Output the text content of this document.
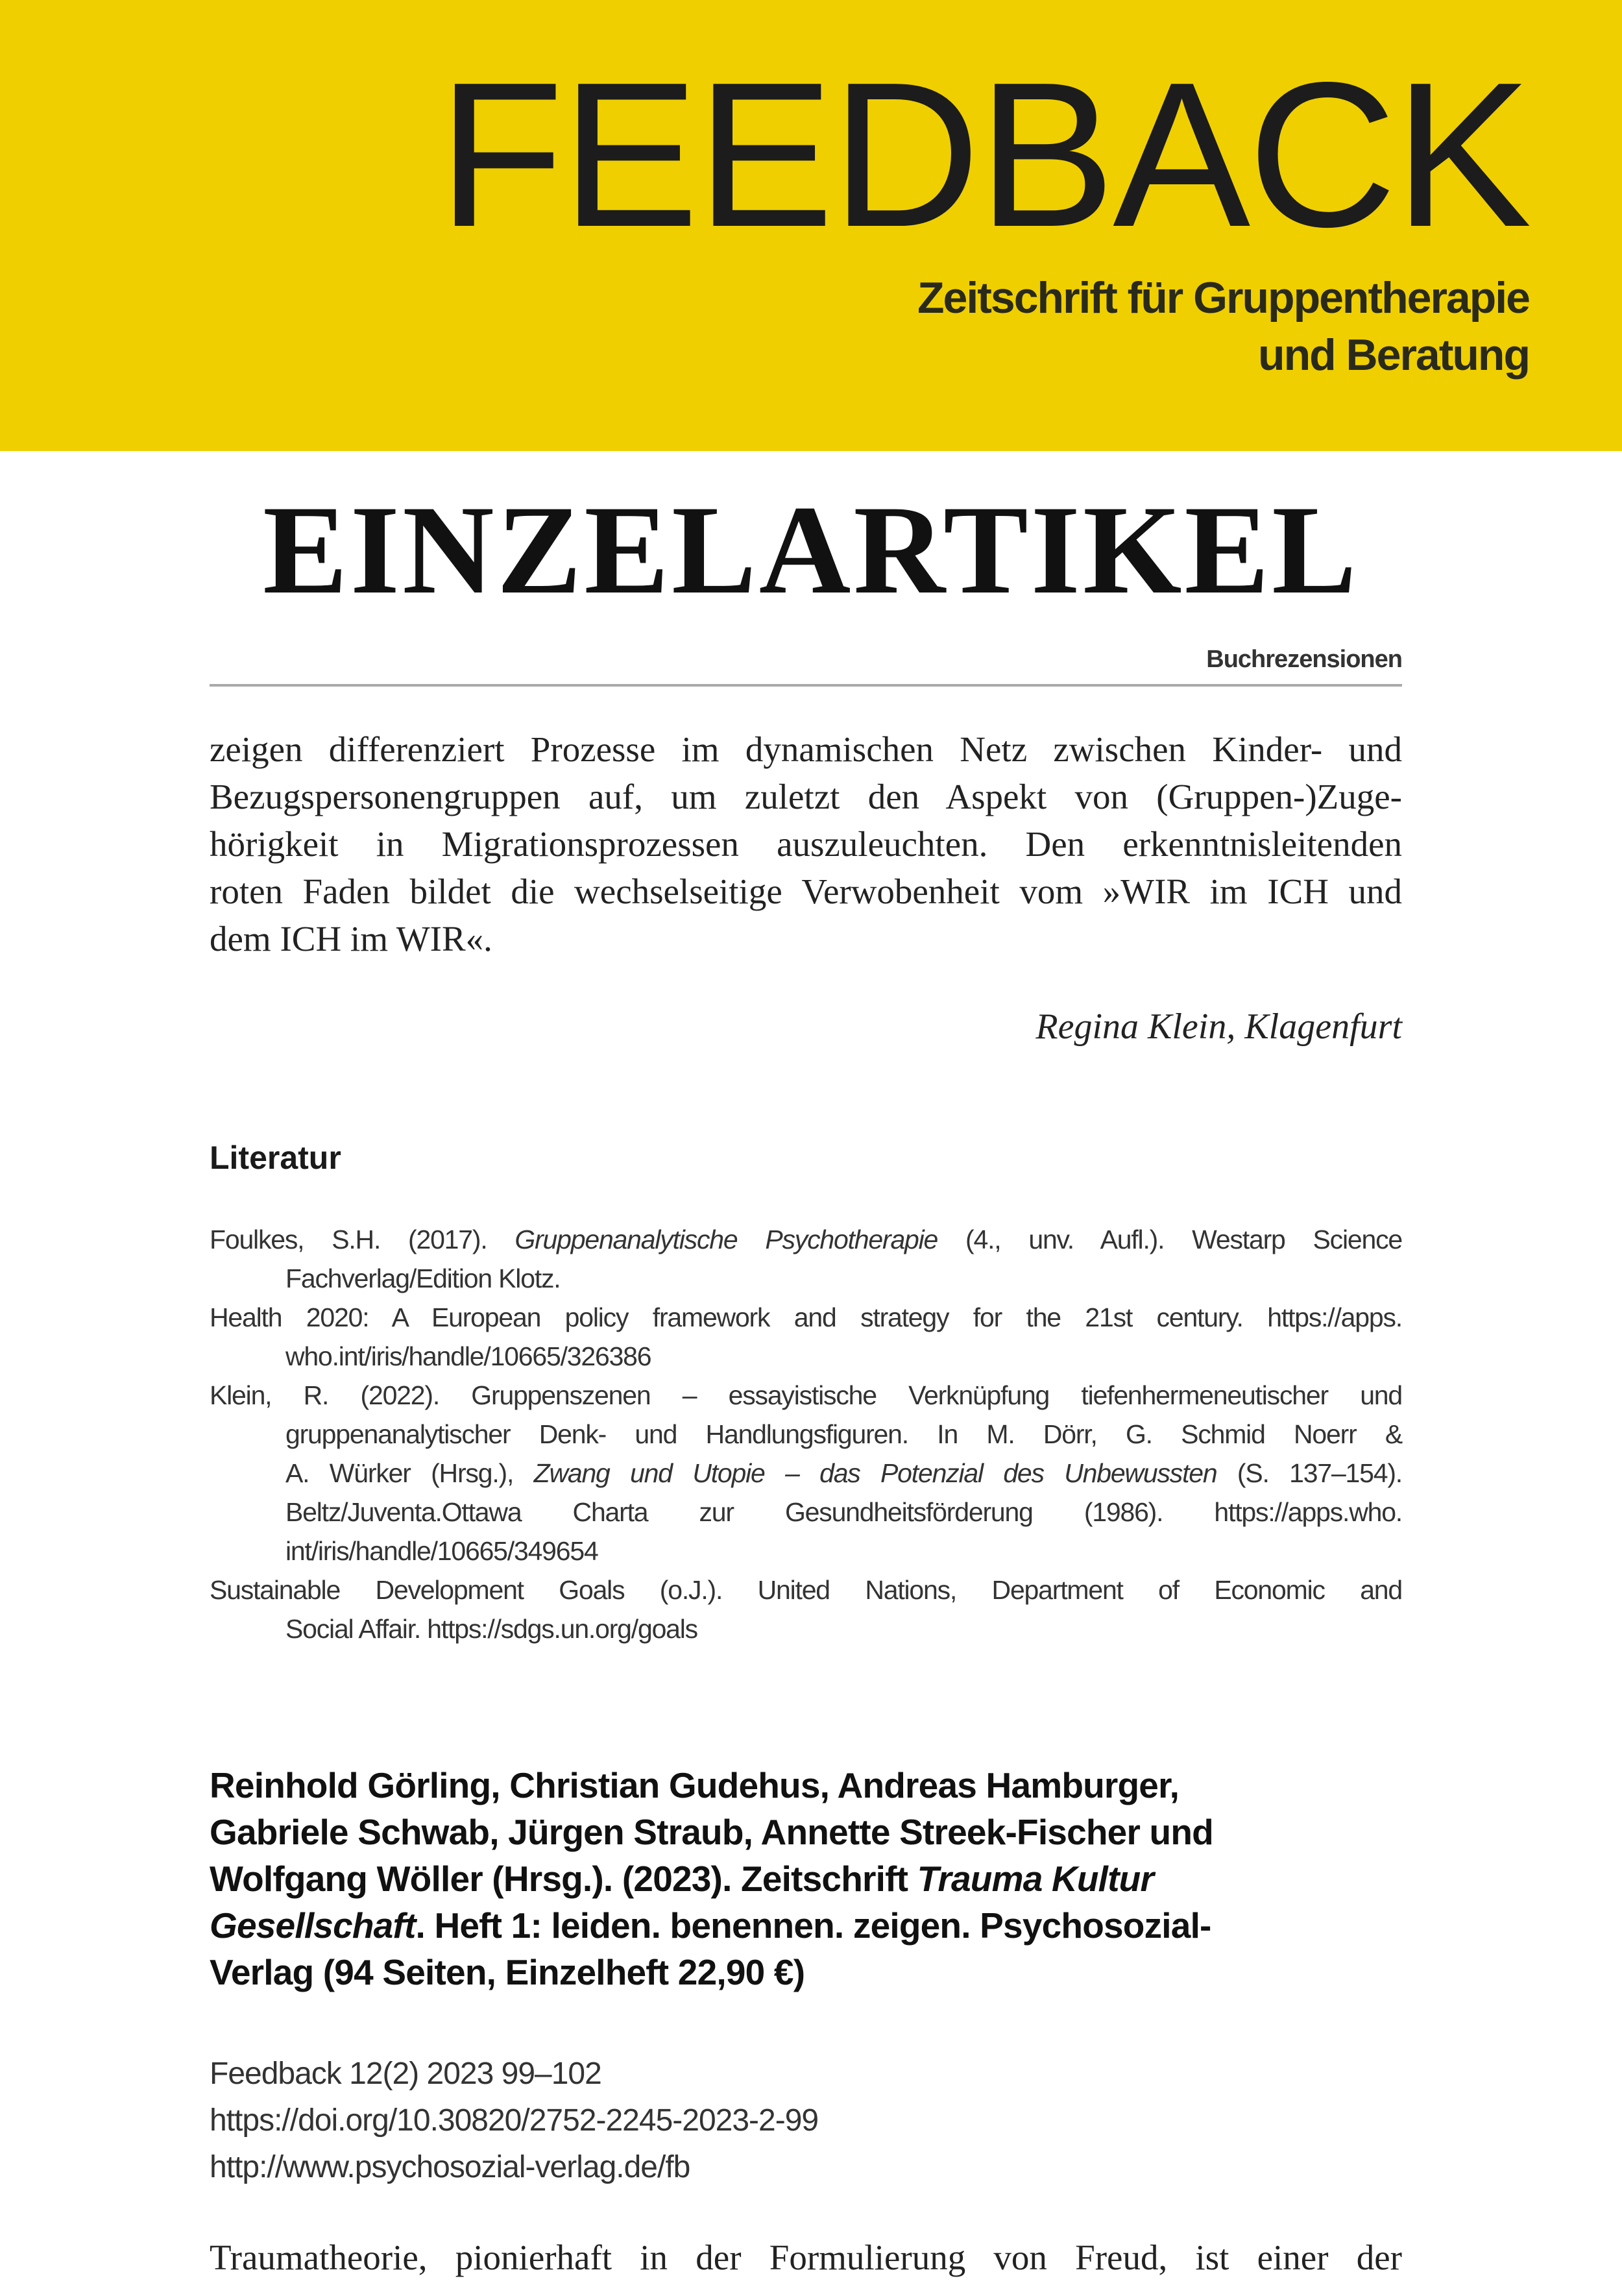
FEEDBACK
Zeitschrift für Gruppentherapie
und Beratung
EINZELARTIKEL
Buchrezensionen
zeigen differenziert Prozesse im dynamischen Netz zwischen Kinder- und
Bezugspersonengruppen auf, um zuletzt den Aspekt von (Gruppen-)Zuge-
hörigkeit in Migrationsprozessen auszuleuchten. Den erkenntnisleitenden
roten Faden bildet die wechselseitige Verwobenheit vom »WIR im ICH und
dem ICH im WIR«.
Regina Klein, Klagenfurt
Literatur
Foulkes, S.H. (2017). Gruppenanalytische Psychotherapie (4., unv. Aufl.). Westarp Science
Fachverlag/Edition Klotz.
Health 2020: A European policy framework and strategy for the 21st century. https://apps.
who.int/iris/handle/10665/326386
Klein, R. (2022). Gruppenszenen – essayistische Verknüpfung tiefenhermeneutischer und
gruppenanalytischer Denk- und Handlungsfiguren. In M. Dörr, G. Schmid Noerr &
A. Würker (Hrsg.), Zwang und Utopie – das Potenzial des Unbewussten (S. 137–154).
Beltz/Juventa.Ottawa Charta zur Gesundheitsförderung (1986). https://apps.who.
int/iris/handle/10665/349654
Sustainable Development Goals (o.J.). United Nations, Department of Economic and
Social Affair. https://sdgs.un.org/goals
Reinhold Görling, Christian Gudehus, Andreas Hamburger,
Gabriele Schwab, Jürgen Straub, Annette Streek-Fischer und
Wolfgang Wöller (Hrsg.). (2023). Zeitschrift Trauma Kultur
Gesellschaft. Heft 1: leiden. benennen. zeigen. Psychosozial-
Verlag (94 Seiten, Einzelheft 22,90 €)
Feedback 12(2) 2023 99–102
https://doi.org/10.30820/2752-2245-2023-2-99
http://www.psychosozial-verlag.de/fb
Traumatheorie, pionierhaft in der Formulierung von Freud, ist einer der
